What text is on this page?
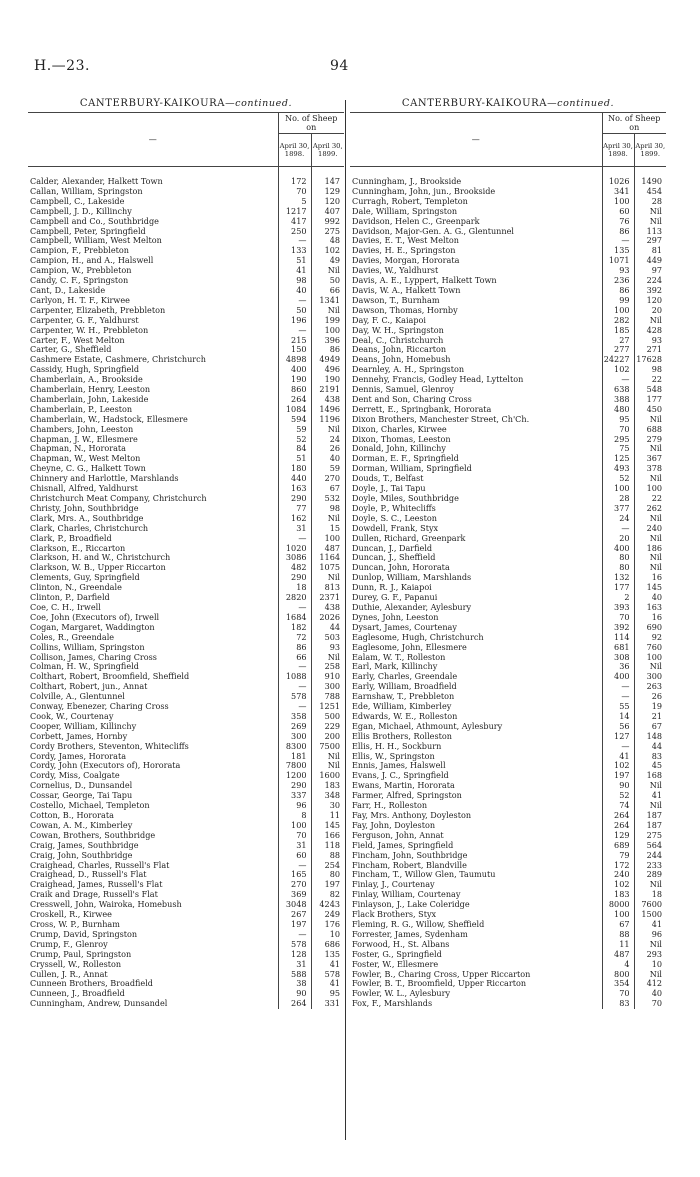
H.—23.	94
CANTERBURY-KAIKOURA—continued.
—	No. of Sheep on	
	April 30, 1898.	April 30, 1899.

Calder, Alexander, Halkett Town	172	147
Callan, William, Springston	70	129
Campbell, C., Lakeside	5	120
Campbell, J. D., Killinchy	1217	407
Campbell and Co., Southbridge	417	992
Campbell, Peter, Springfield	250	275
Campbell, William, West Melton	—	48
Campion, F., Prebbleton	133	102
Campion, H., and A., Halswell	51	49
Campion, W., Prebbleton	41	Nil
Candy, C. F., Springston	98	50
Cant, D., Lakeside	40	66
Carlyon, H. T. F., Kirwee	—	1341
Carpenter, Elizabeth, Prebbleton	50	Nil
Carpenter, G. F., Yaldhurst	196	199
Carpenter, W. H., Prebbleton	—	100
Carter, F., West Melton	215	396
Carter, G., Sheffield	150	86
Cashmere Estate, Cashmere, Christchurch	4898	4949
Cassidy, Hugh, Springfield	400	496
Chamberlain, A., Brookside	190	190
Chamberlain, Henry, Leeston	860	2191
Chamberlain, John, Lakeside	264	438
Chamberlain, P., Leeston	1084	1496
Chamberlain, W., Hadstock, Ellesmere	594	1196
Chambers, John, Leeston	59	Nil
Chapman, J. W., Ellesmere	52	24
Chapman, N., Hororata	84	26
Chapman, W., West Melton	51	40
Cheyne, C. G., Halkett Town	180	59
Chinnery and Harlottle, Marshlands	440	270
Chisnall, Alfred, Yaldhurst	163	67
Christchurch Meat Company, Christchurch	290	532
Christy, John, Southbridge	77	98
Clark, Mrs. A., Southbridge	162	Nil
Clark, Charles, Christchurch	31	15
Clark, P., Broadfield	—	100
Clarkson, E., Riccarton	1020	487
Clarkson, H. and W., Christchurch	3086	1164
Clarkson, W. B., Upper Riccarton	482	1075
Clements, Guy, Springfield	290	Nil
Clinton, N., Greendale	18	813
Clinton, P., Darfield	2820	2371
Coe, C. H., Irwell	—	438
Coe, John (Executors of), Irwell	1684	2026
Cogan, Margaret, Waddington	182	44
Coles, R., Greendale	72	503
Collins, William, Springston	86	93
Collison, James, Charing Cross	66	Nil
Colman, H. W., Springfield	—	258
Colthart, Robert, Broomfield, Sheffield	1088	910
Colthart, Robert, jun., Annat	—	300
Colville, A., Glentunnel	578	788
Conway, Ebenezer, Charing Cross	—	1251
Cook, W., Courtenay	358	500
Cooper, William, Killinchy	269	229
Corbett, James, Hornby	300	200
Cordy Brothers, Steventon, Whitecliffs	8300	7500
Cordy, James, Hororata	181	Nil
Cordy, John (Executors of), Hororata	7800	Nil
Cordy, Miss, Coalgate	1200	1600
Cornelius, D., Dunsandel	290	183
Cossar, George, Tai Tapu	337	348
Costello, Michael, Templeton	96	30
Cotton, B., Hororata	8	11
Cowan, A. M., Kimberley	100	145
Cowan, Brothers, Southbridge	70	166
Craig, James, Southbridge	31	118
Craig, John, Southbridge	60	88
Craighead, Charles, Russell's Flat	—	254
Craighead, D., Russell's Flat	165	80
Craighead, James, Russell's Flat	270	197
Craik and Drage, Russell's Flat	369	82
Cresswell, John, Wairoka, Homebush	3048	4243
Croskell, R., Kirwee	267	249
Cross, W. P., Burnham	197	176
Crump, David, Springston	—	10
Crump, F., Glenroy	578	686
Crump, Paul, Springston	128	135
Cryssell, W., Rolleston	31	41
Cullen, J. R., Annat	588	578
Cunneen Brothers, Broadfield	38	41
Cunneen, J., Broadfield	90	95
Cunningham, Andrew, Dunsandel	264	331
CANTERBURY-KAIKOURA—continued.
—	No. of Sheep on	
	April 30, 1898.	April 30, 1899.

Cunningham, J., Brookside	1026	1490
Cunningham, John, jun., Brookside	341	454
Curragh, Robert, Templeton	100	28
Dale, William, Springston	60	Nil
Davidson, Helen C., Greenpark	76	Nil
Davidson, Major-Gen. A. G., Glentunnel	86	113
Davies, E. T., West Melton	—	297
Davies, H. E., Springston	135	81
Davies, Morgan, Hororata	1071	449
Davies, W., Yaldhurst	93	97
Davis, A. E., Lyppert, Halkett Town	236	224
Davis, W. A., Halkett Town	86	392
Dawson, T., Burnham	99	120
Dawson, Thomas, Hornby	100	20
Day, F. C., Kaiapoi	282	Nil
Day, W. H., Springston	185	428
Deal, C., Christchurch	27	93
Deans, John, Riccarton	277	271
Deans, John, Homebush	24227	17628
Dearnley, A. H., Springston	102	98
Dennehy, Francis, Godley Head, Lyttelton	—	22
Dennis, Samuel, Glenroy	638	548
Dent and Son, Charing Cross	388	177
Derrett, E., Springbank, Hororata	480	450
Dixon Brothers, Manchester Street, Ch'Ch.	95	Nil
Dixon, Charles, Kirwee	70	688
Dixon, Thomas, Leeston	295	279
Donald, John, Killinchy	75	Nil
Dorman, E. F., Springfield	125	367
Dorman, William, Springfield	493	378
Douds, T., Belfast	52	Nil
Doyle, J., Tai Tapu	100	100
Doyle, Miles, Southbridge	28	22
Doyle, P., Whitecliffs	377	262
Doyle, S. C., Leeston	24	Nil
Dowdell, Frank, Styx	—	240
Dullen, Richard, Greenpark	20	Nil
Duncan, J., Darfield	400	186
Duncan, J., Sheffield	80	Nil
Duncan, John, Hororata	80	Nil
Dunlop, William, Marshlands	132	16
Dunn, R. J., Kaiapoi	177	145
Durey, G. F., Papanui	2	40
Duthie, Alexander, Aylesbury	393	163
Dynes, John, Leeston	70	16
Dysart, James, Courtenay	392	690
Eaglesome, Hugh, Christchurch	114	92
Eaglesome, John, Ellesmere	681	760
Ealam, W. T., Rolleston	308	100
Earl, Mark, Killinchy	36	Nil
Early, Charles, Greendale	400	300
Early, William, Broadfield	—	263
Earnshaw, T., Prebbleton	—	26
Ede, William, Kimberley	55	19
Edwards, W. E., Rolleston	14	21
Egan, Michael, Athmount, Aylesbury	56	67
Ellis Brothers, Rolleston	127	148
Ellis, H. H., Sockburn	—	44
Ellis, W., Springston	41	83
Ennis, James, Halswell	102	45
Evans, J. C., Springfield	197	168
Ewans, Martin, Hororata	90	Nil
Farmer, Alfred, Springston	52	41
Farr, H., Rolleston	74	Nil
Fay, Mrs. Anthony, Doyleston	264	187
Fay, John, Doyleston	264	187
Ferguson, John, Annat	129	275
Field, James, Springfield	689	564
Fincham, John, Southbridge	79	244
Fincham, Robert, Blandville	172	233
Fincham, T., Willow Glen, Taumutu	240	289
Finlay, J., Courtenay	102	Nil
Finlay, William, Courtenay	183	18
Finlayson, J., Lake Coleridge	8000	7600
Flack Brothers, Styx	100	1500
Fleming, R. G., Willow, Sheffield	67	41
Forrester, James, Sydenham	88	96
Forwood, H., St. Albans	11	Nil
Foster, G., Springfield	487	293
Foster, W., Ellesmere	4	10
Fowler, B., Charing Cross, Upper Riccarton	800	Nil
Fowler, B. T., Broomfield, Upper Riccarton	354	412
Fowler, W. L., Aylesbury	70	40
Fox, F., Marshlands	83	70
